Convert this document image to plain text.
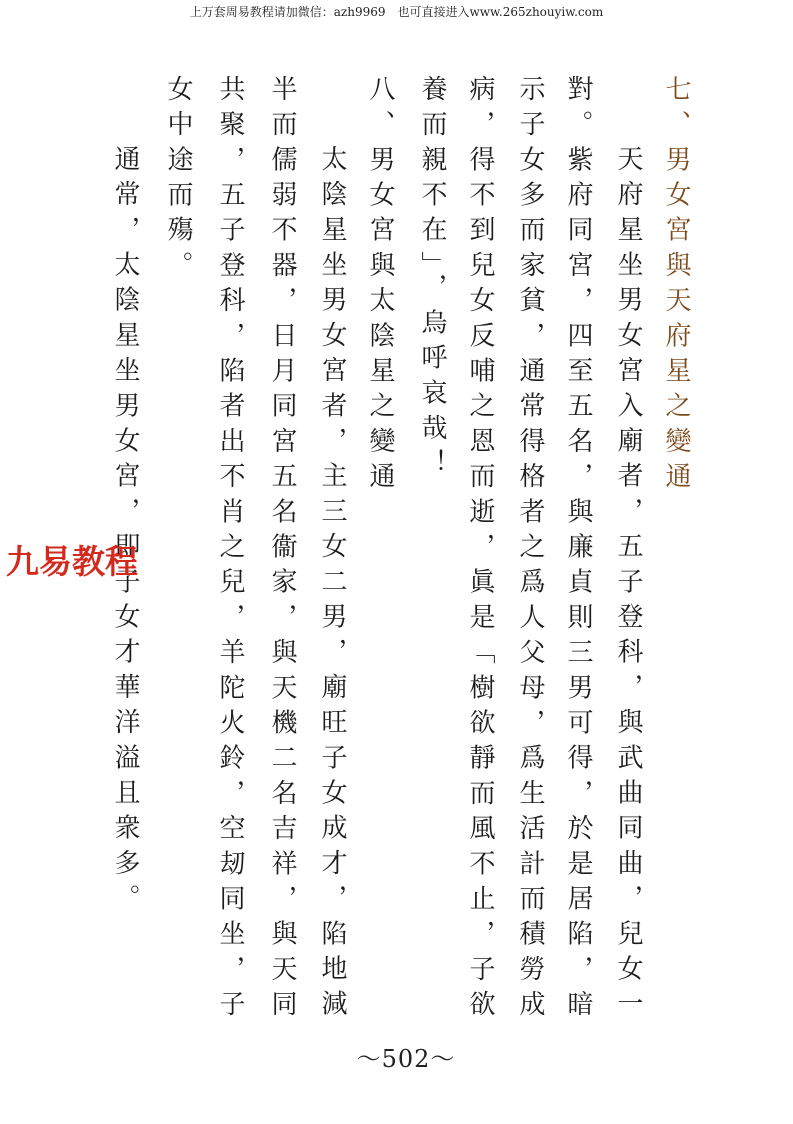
上万套周易教程请加微信：azh9969　也可直接进入www.265zhouyiw.com
七、男女宮與天府星之變通
天府星坐男女宮入廟者，五子登科，與武曲同曲，兒女一
對。紫府同宮，四至五名，與廉貞則三男可得，於是居陷，暗
示子女多而家貧，通常得格者之爲人父母，爲生活計而積勞成
病，得不到兒女反哺之恩而逝，眞是「樹欲靜而風不止，子欲
養而親不在」，烏呼哀哉！
八、男女宮與太陰星之變通
太陰星坐男女宮者，主三女二男，廟旺子女成才，陷地減
半而儒弱不器，日月同宮五名衞家，與天機二名吉祥，與天同
共聚，五子登科，陷者出不肖之兒，羊陀火鈴，空刼同坐，子
女中途而殤。
通常，太陰星坐男女宮，即子女才華洋溢且衆多。
九易教程
～502～
